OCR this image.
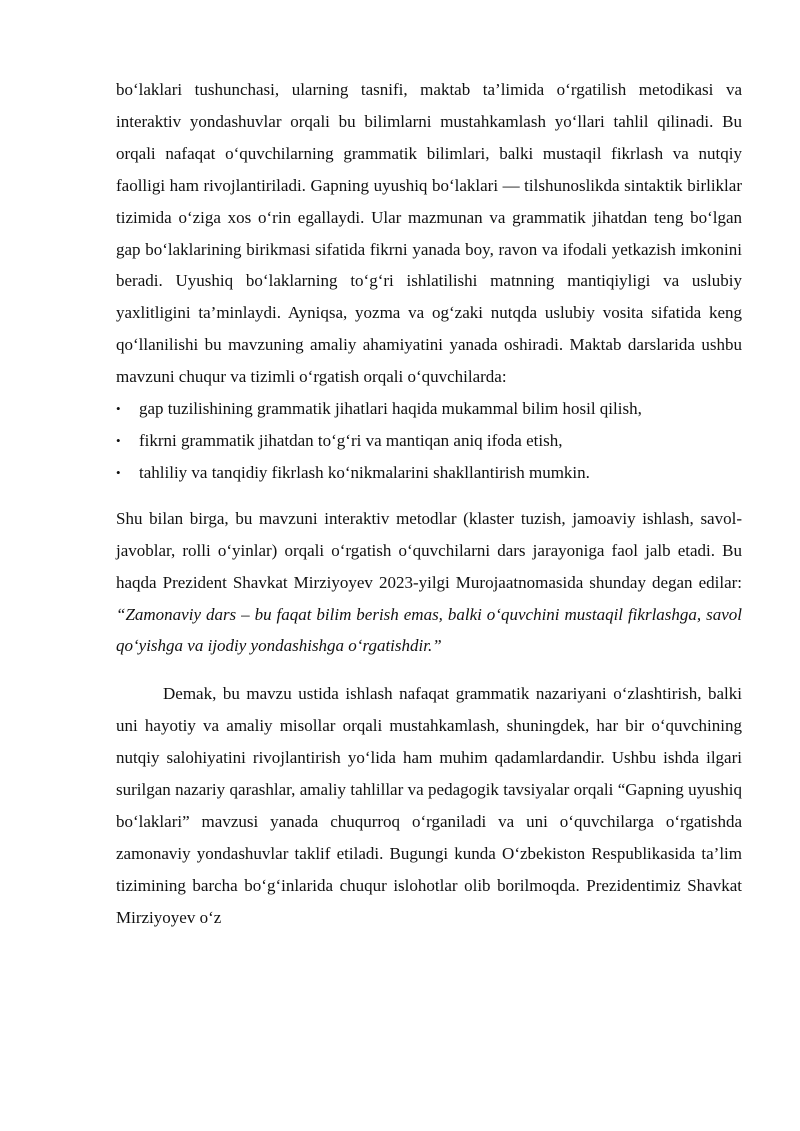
bo‘laklari tushunchasi, ularning tasnifi, maktab ta’limida o‘rgatilish metodikasi va interaktiv yondashuvlar orqali bu bilimlarni mustahkamlash yo‘llari tahlil qilinadi. Bu orqali nafaqat o‘quvchilarning grammatik bilimlari, balki mustaqil fikrlash va nutqiy faolligi ham rivojlantiriladi. Gapning uyushiq bo‘laklari — tilshunoslikda sintaktik birliklar tizimida o‘ziga xos o‘rin egallaydi. Ular mazmunan va grammatik jihatdan teng bo‘lgan gap bo‘laklarining birikmasi sifatida fikrni yanada boy, ravon va ifodali yetkazish imkonini beradi. Uyushiq bo‘laklarning to‘g‘ri ishlatilishi matnning mantiqiyligi va uslubiy yaxlitligini ta’minlaydi. Ayniqsa, yozma va og‘zaki nutqda uslubiy vosita sifatida keng qo‘llanilishi bu mavzuning amaliy ahamiyatini yanada oshiradi. Maktab darslarida ushbu mavzuni chuqur va tizimli o‘rgatish orqali o‘quvchilarda:

• gap tuzilishining grammatik jihatlari haqida mukammal bilim hosil qilish,
• fikrni grammatik jihatdan to‘g‘ri va mantiqan aniq ifoda etish,
• tahliliy va tanqidiy fikrlash ko‘nikmalarini shakllantirish mumkin.

Shu bilan birga, bu mavzuni interaktiv metodlar (klaster tuzish, jamoaviy ishlash, savol-javoblar, rolli o‘yinlar) orqali o‘rgatish o‘quvchilarni dars jarayoniga faol jalb etadi. Bu haqda Prezident Shavkat Mirziyoyev 2023-yilgi Murojaatnomasida shunday degan edilar: “Zamonaviy dars – bu faqat bilim berish emas, balki o‘quvchini mustaqil fikrlashga, savol qo‘yishga va ijodiy yondashishga o‘rgatishdir.”

Demak, bu mavzu ustida ishlash nafaqat grammatik nazariyani o‘zlashtirish, balki uni hayotiy va amaliy misollar orqali mustahkamlash, shuningdek, har bir o‘quvchining nutqiy salohiyatini rivojlantirish yo‘lida ham muhim qadamlardandir. Ushbu ishda ilgari surilgan nazariy qarashlar, amaliy tahlillar va pedagogik tavsiyalar orqali “Gapning uyushiq bo‘laklari” mavzusi yanada chuqurroq o‘rganiladi va uni o‘quvchilarga o‘rgatishda zamonaviy yondashuvlar taklif etiladi. Bugungi kunda O‘zbekiston Respublikasida ta’lim tizimining barcha bo‘g‘inlarida chuqur islohotlar olib borilmoqda. Prezidentimiz Shavkat Mirziyoyev o‘z
